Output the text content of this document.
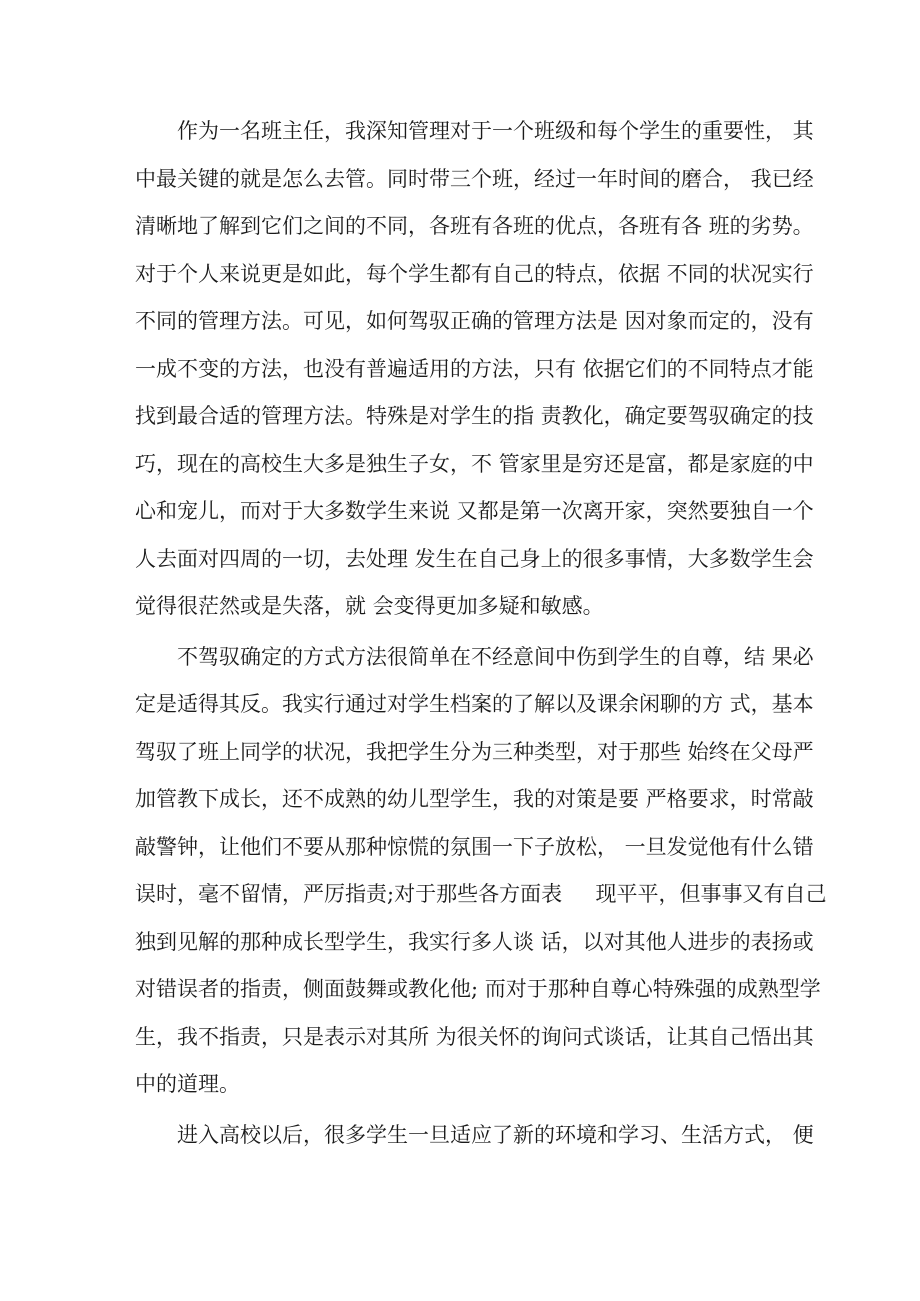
作为一名班主任，我深知管理对于一个班级和每个学生的重要性， 其
中最关键的就是怎么去管。同时带三个班，经过一年时间的磨合， 我已经
清晰地了解到它们之间的不同，各班有各班的优点，各班有各 班的劣势。
对于个人来说更是如此，每个学生都有自己的特点，依据 不同的状况实行
不同的管理方法。可见，如何驾驭正确的管理方法是 因对象而定的，没有
一成不变的方法，也没有普遍适用的方法，只有 依据它们的不同特点才能
找到最合适的管理方法。特殊是对学生的指 责教化，确定要驾驭确定的技
巧，现在的高校生大多是独生子女，不 管家里是穷还是富，都是家庭的中
心和宠儿，而对于大多数学生来说 又都是第一次离开家，突然要独自一个
人去面对四周的一切，去处理 发生在自己身上的很多事情，大多数学生会
觉得很茫然或是失落，就 会变得更加多疑和敏感。
不驾驭确定的方式方法很简单在不经意间中伤到学生的自尊，结 果必
定是适得其反。我实行通过对学生档案的了解以及课余闲聊的方 式，基本
驾驭了班上同学的状况，我把学生分为三种类型，对于那些 始终在父母严
加管教下成长，还不成熟的幼儿型学生，我的对策是要 严格要求，时常敲
敲警钟，让他们不要从那种惊慌的氛围一下子放松， 一旦发觉他有什么错
误时，毫不留情，严厉指责;对于那些各方面表     现平平，但事事又有自己
独到见解的那种成长型学生，我实行多人谈 话，以对其他人进步的表扬或
对错误者的指责，侧面鼓舞或教化他; 而对于那种自尊心特殊强的成熟型学
生，我不指责，只是表示对其所 为很关怀的询问式谈话，让其自己悟出其
中的道理。
进入高校以后，很多学生一旦适应了新的环境和学习、生活方式， 便
